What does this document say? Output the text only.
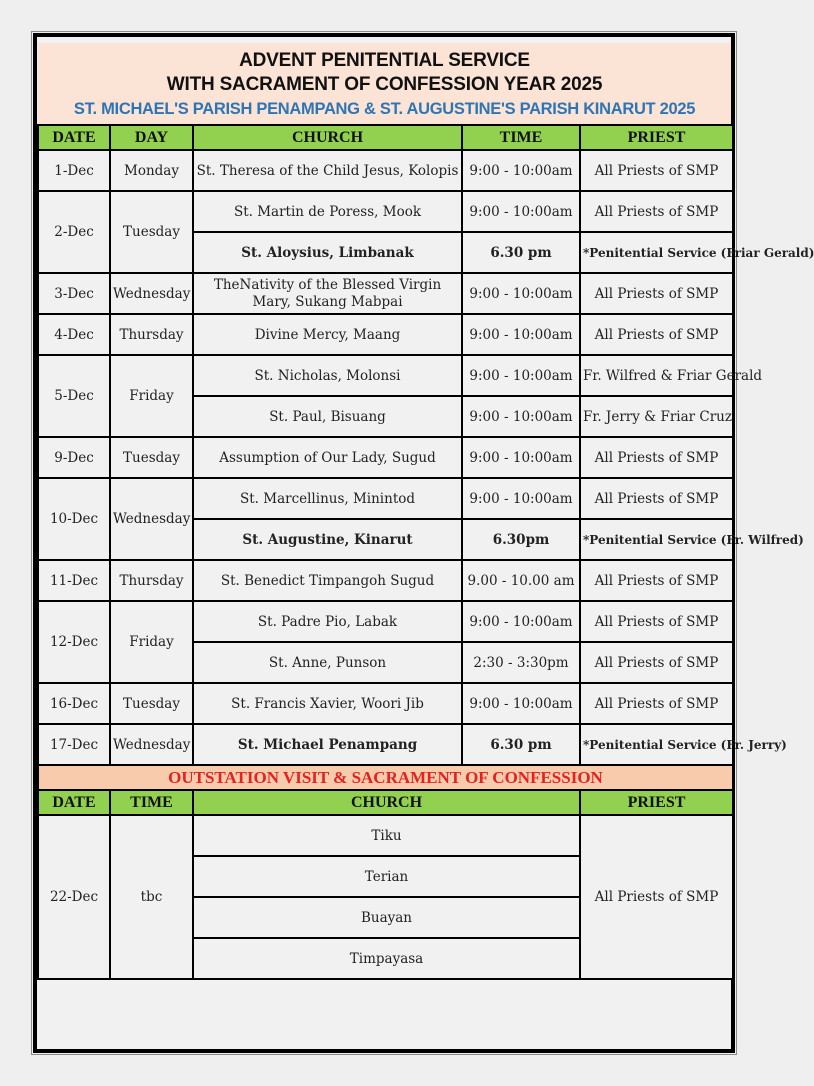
ADVENT PENITENTIAL SERVICE
WITH SACRAMENT OF CONFESSION YEAR 2025
ST. MICHAEL'S PARISH PENAMPANG & ST. AUGUSTINE'S PARISH KINARUT 2025
DATE	DAY	CHURCH	TIME	PRIEST
1-Dec	Monday	St. Theresa of the Child Jesus, Kolopis	9:00 - 10:00am	All Priests of SMP
2-Dec	Tuesday	St. Martin de Poress, Mook	9:00 - 10:00am	All Priests of SMP
		St. Aloysius, Limbanak	6.30 pm	*Penitential Service (Friar Gerald)
3-Dec	Wednesday	TheNativity of the Blessed Virgin Mary, Sukang Mabpai	9:00 - 10:00am	All Priests of SMP
4-Dec	Thursday	Divine Mercy, Maang	9:00 - 10:00am	All Priests of SMP
5-Dec	Friday	St. Nicholas, Molonsi	9:00 - 10:00am	Fr. Wilfred & Friar Gerald
		St. Paul, Bisuang	9:00 - 10:00am	Fr. Jerry & Friar Cruz
9-Dec	Tuesday	Assumption of Our Lady, Sugud	9:00 - 10:00am	All Priests of SMP
10-Dec	Wednesday	St. Marcellinus, Minintod	9:00 - 10:00am	All Priests of SMP
		St. Augustine, Kinarut	6.30pm	*Penitential Service (Fr. Wilfred)
11-Dec	Thursday	St. Benedict Timpangoh Sugud	9.00 - 10.00 am	All Priests of SMP
12-Dec	Friday	St. Padre Pio, Labak	9:00 - 10:00am	All Priests of SMP
		St. Anne, Punson	2:30 - 3:30pm	All Priests of SMP
16-Dec	Tuesday	St. Francis Xavier, Woori Jib	9:00 - 10:00am	All Priests of SMP
17-Dec	Wednesday	St. Michael Penampang	6.30 pm	*Penitential Service (Fr. Jerry)
OUTSTATION VISIT & SACRAMENT OF CONFESSION				
DATE	TIME	CHURCH		PRIEST
22-Dec	tbc	Tiku		All Priests of SMP
		Terian		
		Buayan		
		Timpayasa		
